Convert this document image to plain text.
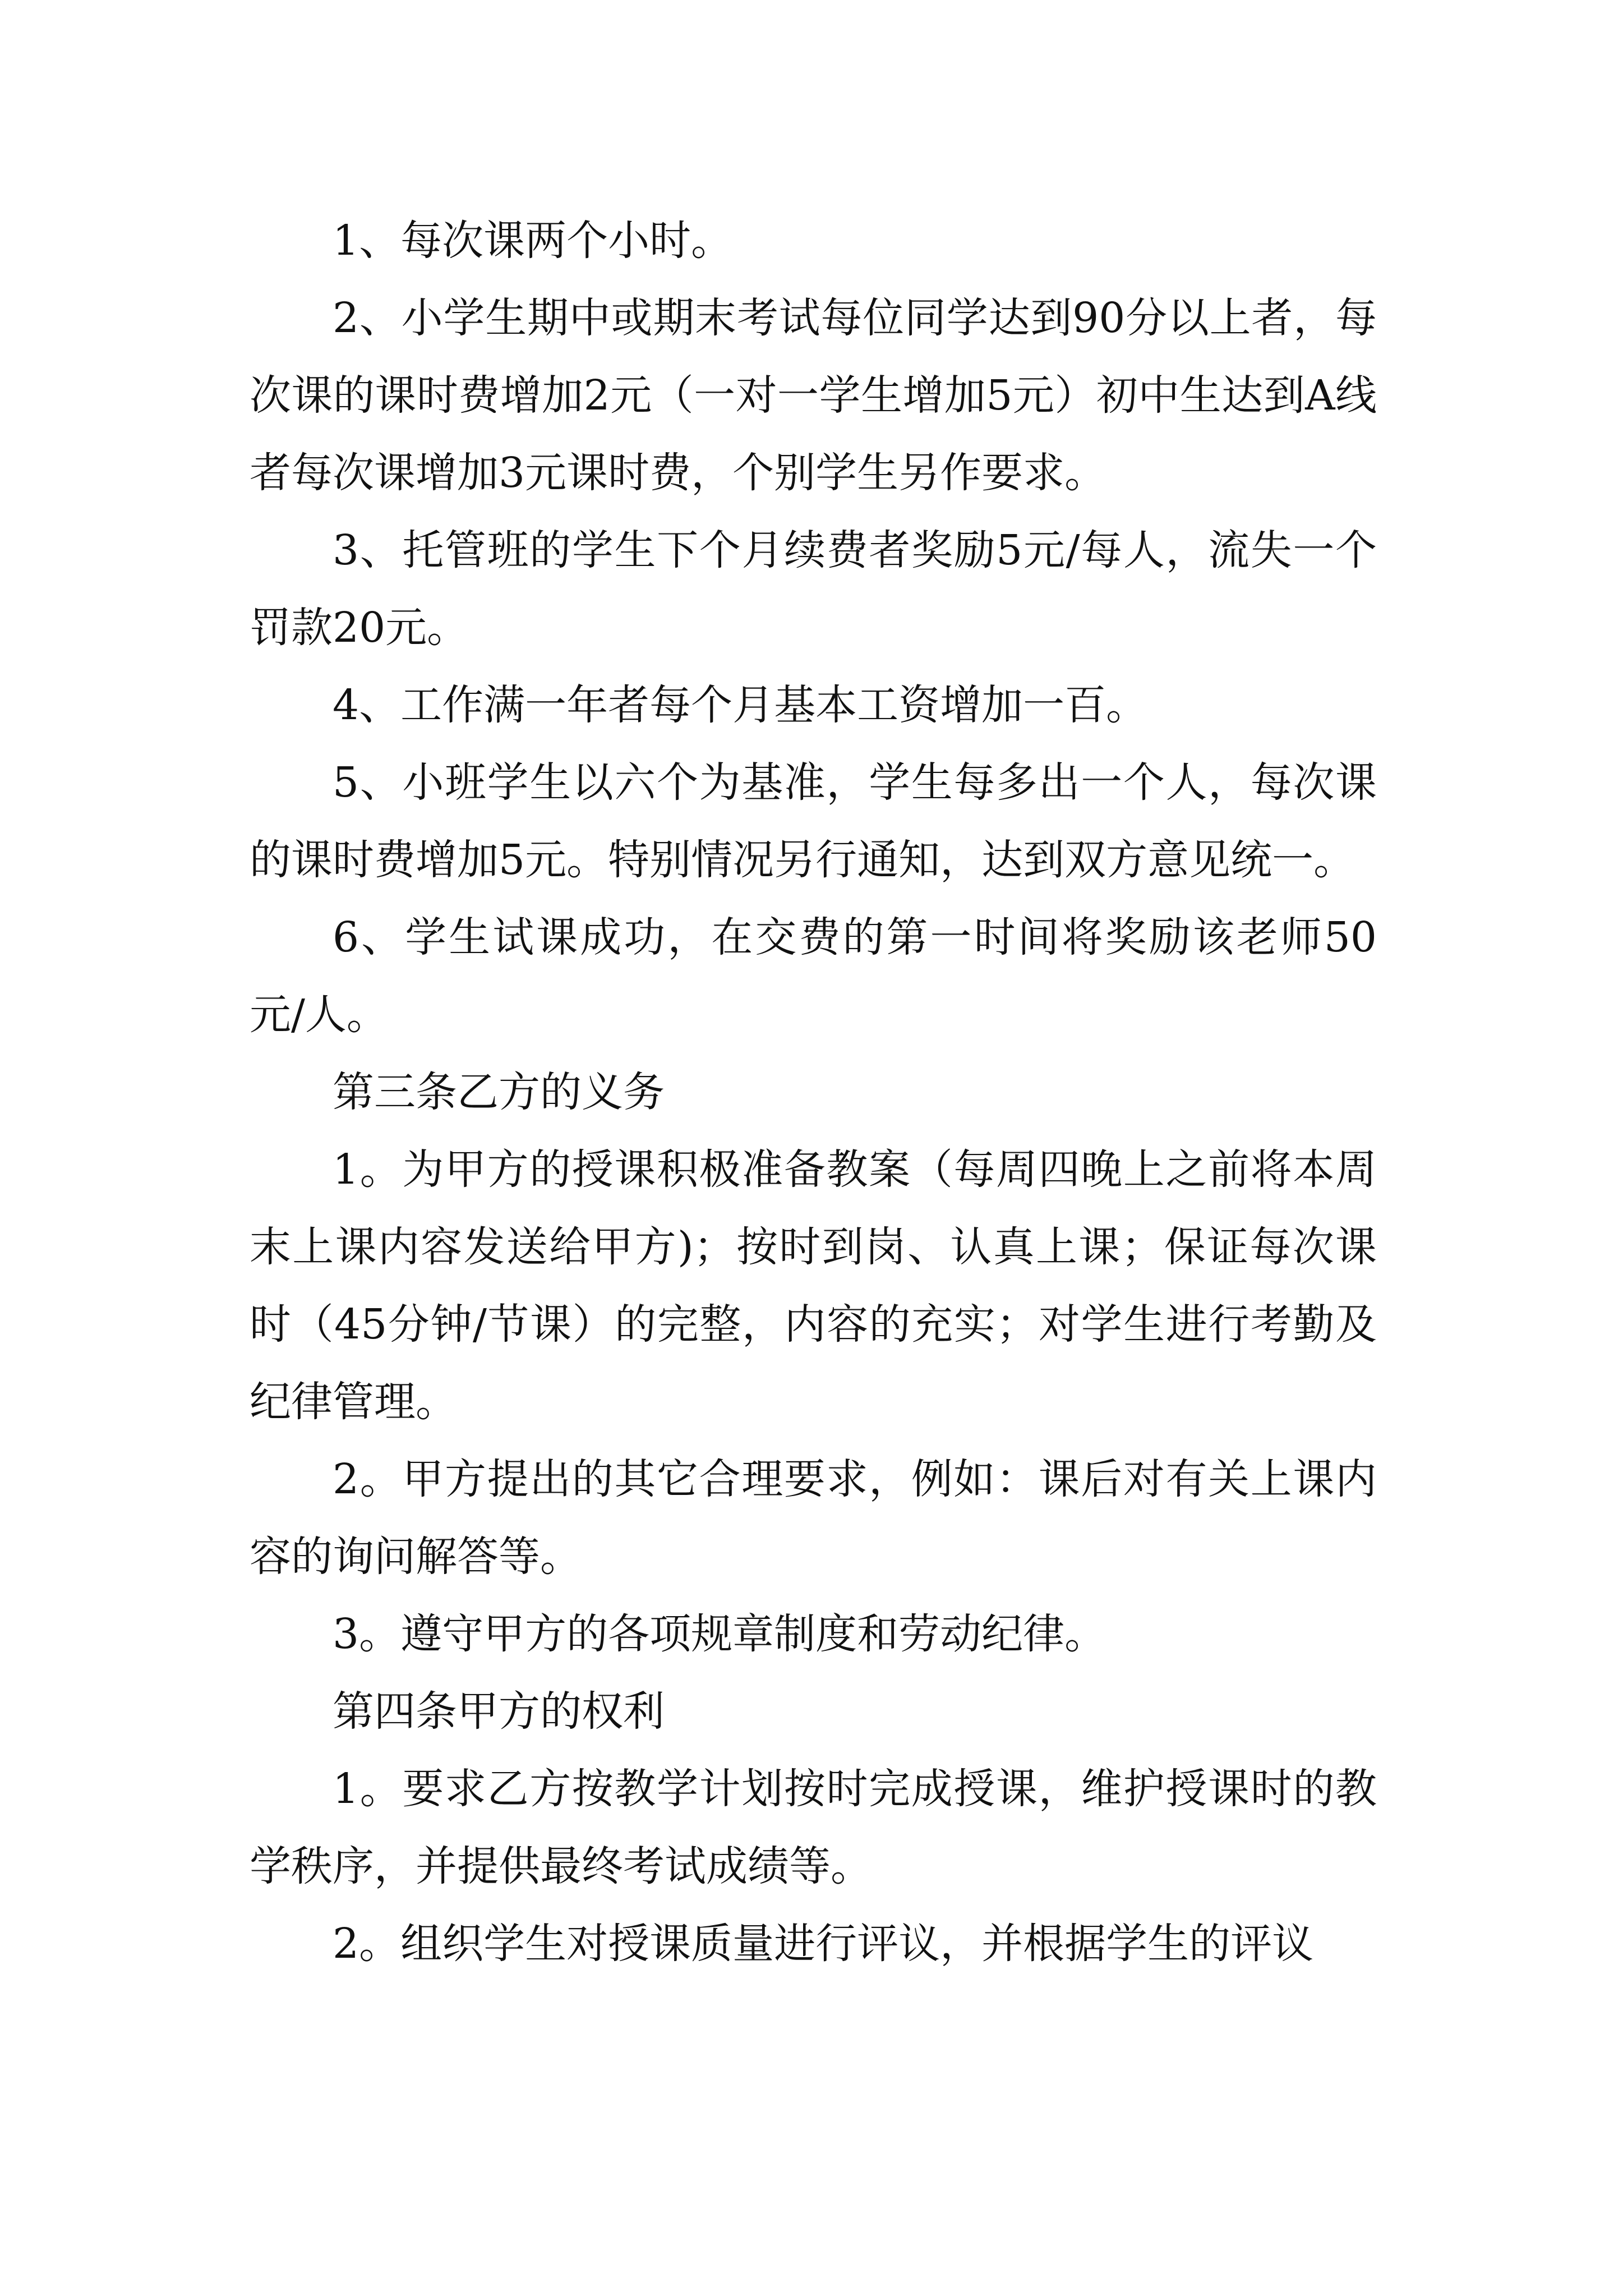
1、每次课两个小时。

2、小学生期中或期末考试每位同学达到90分以上者，每次课的课时费增加2元（一对一学生增加5元）初中生达到A线者每次课增加3元课时费，个别学生另作要求。

3、托管班的学生下个月续费者奖励5元/每人，流失一个罚款20元。

4、工作满一年者每个月基本工资增加一百。

5、小班学生以六个为基准，学生每多出一个人，每次课的课时费增加5元。特别情况另行通知，达到双方意见统一。

6、学生试课成功，在交费的第一时间将奖励该老师50元/人。

第三条乙方的义务

1。为甲方的授课积极准备教案（每周四晚上之前将本周末上课内容发送给甲方)；按时到岗、认真上课；保证每次课时（45分钟/节课）的完整，内容的充实；对学生进行考勤及纪律管理。

2。甲方提出的其它合理要求，例如：课后对有关上课内容的询问解答等。

3。遵守甲方的各项规章制度和劳动纪律。

第四条甲方的权利

1。要求乙方按教学计划按时完成授课，维护授课时的教学秩序，并提供最终考试成绩等。

2。组织学生对授课质量进行评议，并根据学生的评议
